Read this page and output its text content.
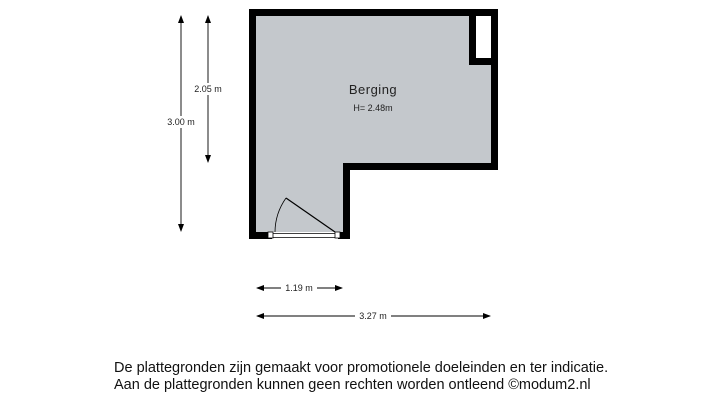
Berging
H= 2.48m
3.00 m
2.05 m
1.19 m
3.27 m
De plattegronden zijn gemaakt voor promotionele doeleinden en ter indicatie.
Aan de plattegronden kunnen geen rechten worden ontleend ©modum2.nl
